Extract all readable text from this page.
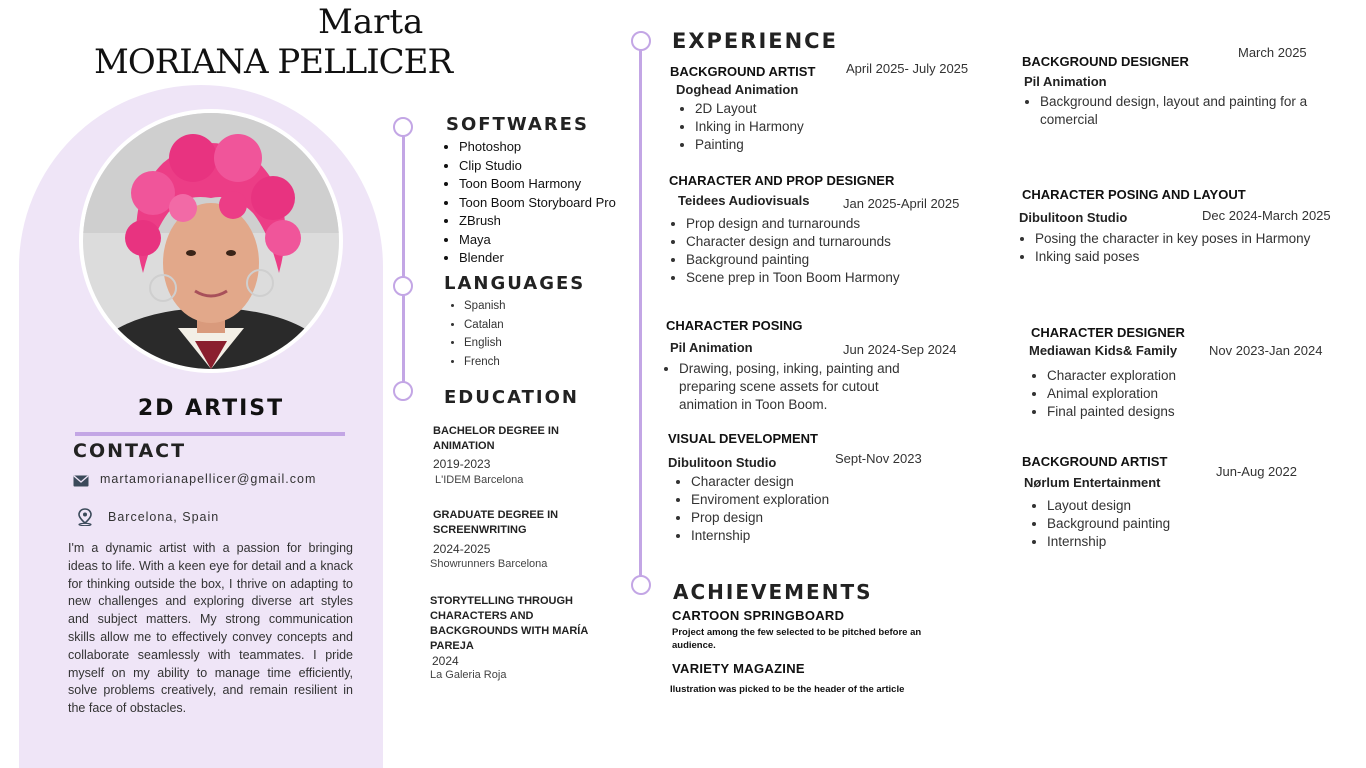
Marta
MORIANA PELLICER
2D ARTIST
CONTACT
martamorianapellicer@gmail.com
Barcelona, Spain
I'm a dynamic artist with a passion for bringing ideas to life. With a keen eye for detail and a knack for thinking outside the box, I thrive on adapting to new challenges and exploring diverse art styles and subject matters. My strong communication skills allow me to effectively convey concepts and collaborate seamlessly with teammates. I pride myself on my ability to manage time efficiently, solve problems creatively, and remain resilient in the face of obstacles.
SOFTWARES
• Photoshop
• Clip Studio
• Toon Boom Harmony
• Toon Boom Storyboard Pro
• ZBrush
• Maya
• Blender
LANGUAGES
• Spanish
• Catalan
• English
• French
EDUCATION
BACHELOR DEGREE IN ANIMATION
2019-2023
L'IDEM Barcelona
GRADUATE DEGREE IN SCREENWRITING
2024-2025
Showrunners Barcelona
STORYTELLING THROUGH CHARACTERS AND BACKGROUNDS WITH MARÍA PAREJA
2024
La Galeria Roja
EXPERIENCE
BACKGROUND ARTIST April 2025- July 2025
Doghead Animation
• 2D Layout
• Inking in Harmony
• Painting
CHARACTER AND PROP DESIGNER
Teidees Audiovisuals	Jan 2025-April 2025
• Prop design and turnarounds
• Character design and turnarounds
• Background painting
• Scene prep in Toon Boom Harmony
CHARACTER POSING
Pil Animation	Jun 2024-Sep 2024
• Drawing, posing, inking, painting and preparing scene assets for cutout animation in Toon Boom.
VISUAL DEVELOPMENT
Sept-Nov 2023
Dibulitoon Studio
• Character design
• Enviroment exploration
• Prop design
• Internship
BACKGROUND DESIGNER
March 2025
Pil Animation
• Background design, layout and painting for a comercial
CHARACTER POSING AND LAYOUT
Dibulitoon Studio	Dec 2024-March 2025
• Posing the character in key poses in Harmony
• Inking said poses
CHARACTER DESIGNER
Mediawan Kids& Family Nov 2023-Jan 2024
• Character exploration
• Animal exploration
• Final painted designs
BACKGROUND ARTIST
Jun-Aug 2022
Nørlum Entertainment
• Layout design
• Background painting
• Internship
ACHIEVEMENTS
CARTOON SPRINGBOARD
Project among the few selected to be pitched before an audience.
VARIETY MAGAZINE
Ilustration was picked to be the header of the article
